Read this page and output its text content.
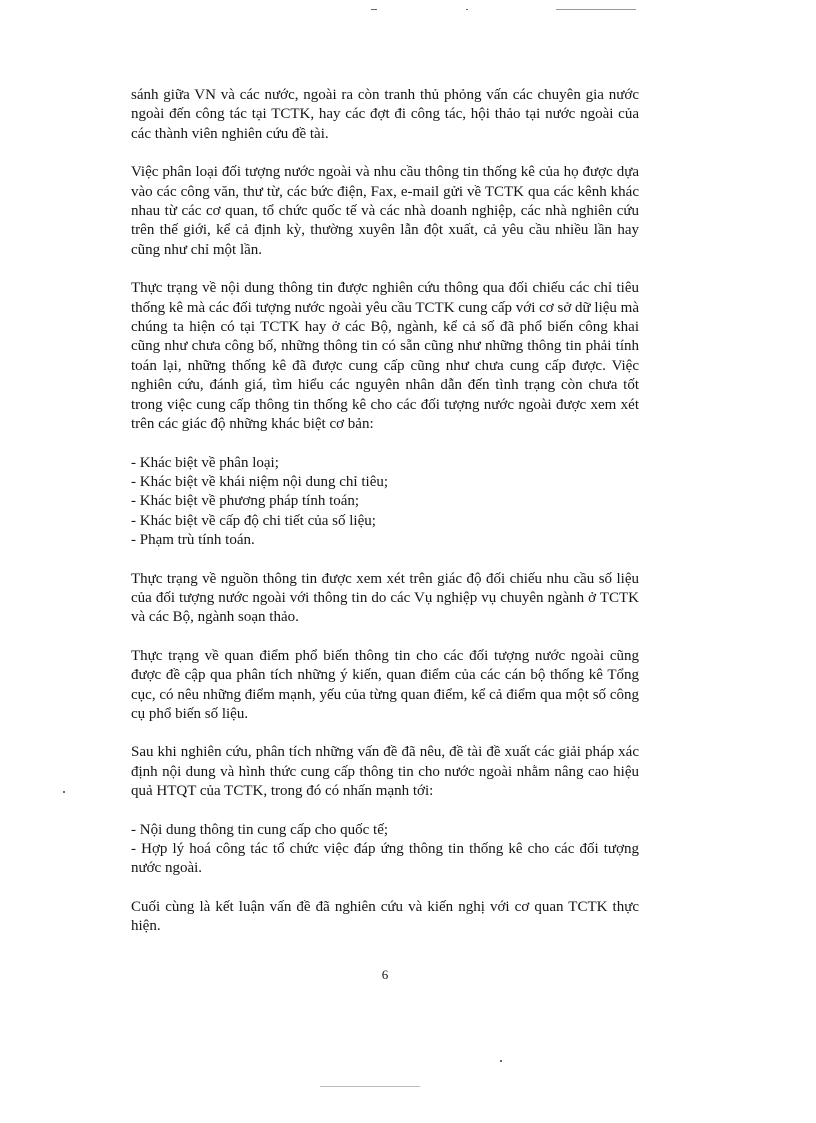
sánh giữa VN và các nước, ngoài ra còn tranh thủ phỏng vấn các chuyên gia nước ngoài đến công tác tại TCTK, hay các đợt đi công tác, hội thảo tại nước ngoài của các thành viên nghiên cứu đề tài.

Việc phân loại đối tượng nước ngoài và nhu cầu thông tin thống kê của họ được dựa vào các công văn, thư từ, các bức điện, Fax, e-mail gửi về TCTK qua các kênh khác nhau từ các cơ quan, tổ chức quốc tế và các nhà doanh nghiệp, các nhà nghiên cứu trên thế giới, kể cả định kỳ, thường xuyên lẫn đột xuất, cả yêu cầu nhiều lần hay cũng như chỉ một lần.

Thực trạng về nội dung thông tin được nghiên cứu thông qua đối chiếu các chỉ tiêu thống kê mà các đối tượng nước ngoài yêu cầu TCTK cung cấp với cơ sở dữ liệu mà chúng ta hiện có tại TCTK hay ở các Bộ, ngành, kể cả số đã phổ biến công khai cũng như chưa công bố, những thông tin có sẵn cũng như những thông tin phải tính toán lại, những thống kê đã được cung cấp cũng như chưa cung cấp được. Việc nghiên cứu, đánh giá, tìm hiểu các nguyên nhân dẫn đến tình trạng còn chưa tốt trong việc cung cấp thông tin thống kê cho các đối tượng nước ngoài được xem xét trên các giác độ những khác biệt cơ bản:

- Khác biệt về phân loại;
- Khác biệt về khái niệm nội dung chỉ tiêu;
- Khác biệt về phương pháp tính toán;
- Khác biệt về cấp độ chi tiết của số liệu;
- Phạm trù tính toán.

Thực trạng về nguồn thông tin được xem xét trên giác độ đối chiếu nhu cầu số liệu của đối tượng nước ngoài với thông tin do các Vụ nghiệp vụ chuyên ngành ở TCTK và các Bộ, ngành soạn thảo.

Thực trạng về quan điểm phổ biến thông tin cho các đối tượng nước ngoài cũng được đề cập qua phân tích những ý kiến, quan điểm của các cán bộ thống kê Tổng cục, có nêu những điểm mạnh, yếu của từng quan điểm, kể cả điểm qua một số công cụ phổ biến số liệu.

Sau khi nghiên cứu, phân tích những vấn đề đã nêu, đề tài đề xuất các giải pháp xác định nội dung và hình thức cung cấp thông tin cho nước ngoài nhằm nâng cao hiệu quả HTQT của TCTK, trong đó có nhấn mạnh tới:

- Nội dung thông tin cung cấp cho quốc tế;
- Hợp lý hoá công tác tổ chức việc đáp ứng thông tin thống kê cho các đối tượng nước ngoài.

Cuối cùng là kết luận vấn đề đã nghiên cứu và kiến nghị với cơ quan TCTK thực hiện.

6
